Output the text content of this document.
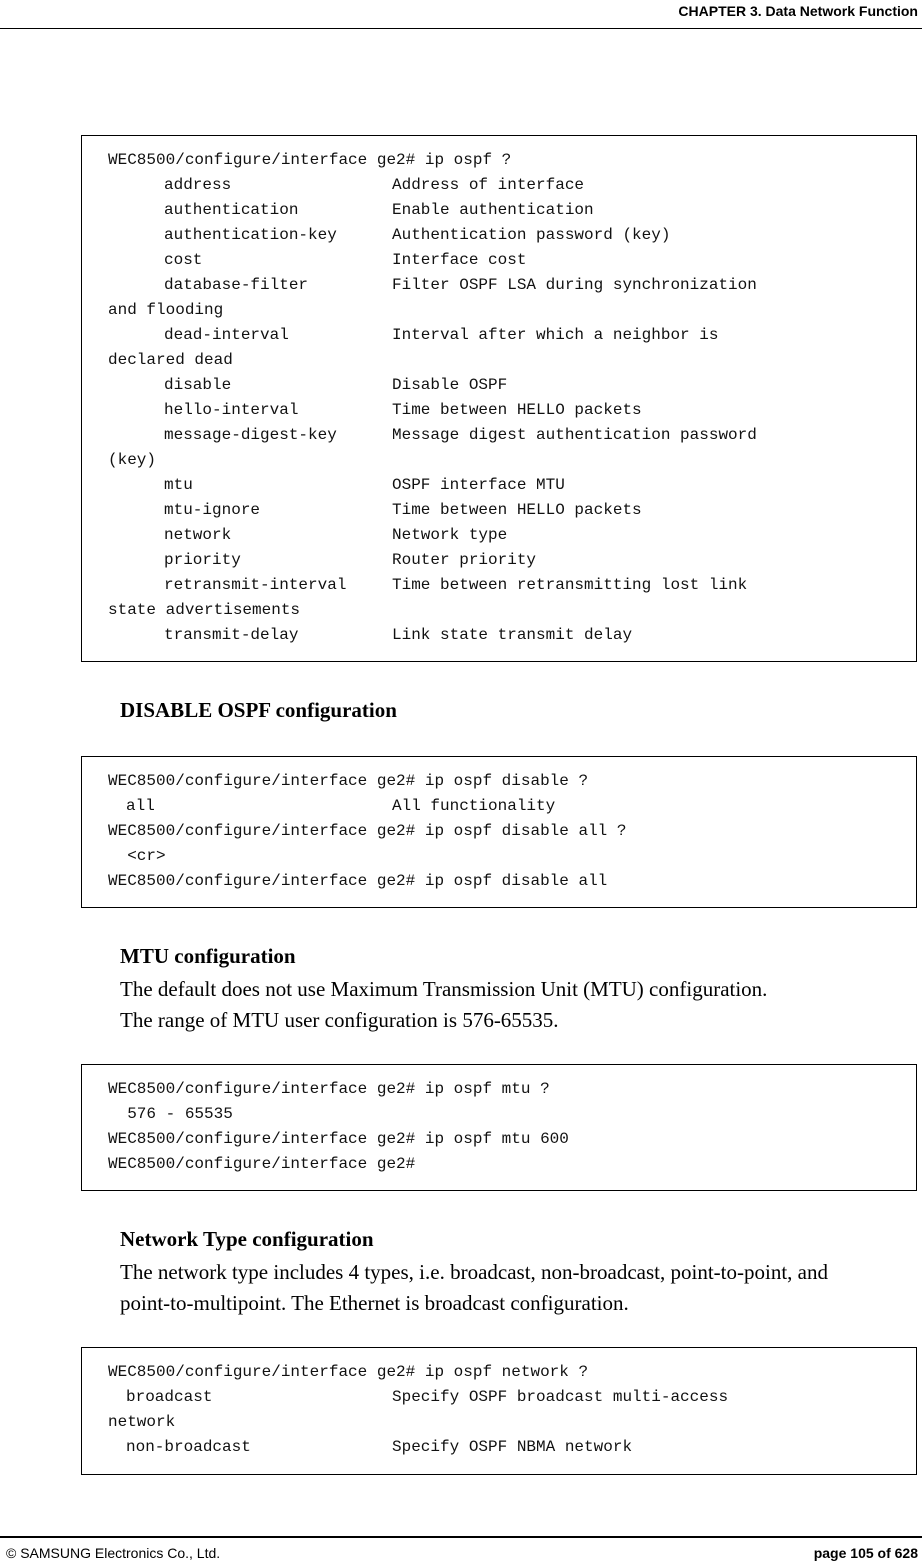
CHAPTER 3. Data Network Function
WEC8500/configure/interface ge2# ip ospf ?
address	Address of interface
authentication	Enable authentication
authentication-key	Authentication password (key)
cost	Interface cost
database-filter	Filter OSPF LSA during synchronization
and flooding
dead-interval	Interval after which a neighbor is
declared dead
disable	Disable OSPF
hello-interval	Time between HELLO packets
message-digest-key	Message digest authentication password
(key)
mtu	OSPF interface MTU
mtu-ignore	Time between HELLO packets
network	Network type
priority	Router priority
retransmit-interval	Time between retransmitting lost link
state advertisements
transmit-delay	Link state transmit delay
DISABLE OSPF configuration
WEC8500/configure/interface ge2# ip ospf disable ?
all	All functionality
WEC8500/configure/interface ge2# ip ospf disable all ?
<cr>
WEC8500/configure/interface ge2# ip ospf disable all
MTU configuration
The default does not use Maximum Transmission Unit (MTU) configuration.
The range of MTU user configuration is 576-65535.
WEC8500/configure/interface ge2# ip ospf mtu ?
576 - 65535
WEC8500/configure/interface ge2# ip ospf mtu 600
WEC8500/configure/interface ge2#
Network Type configuration
The network type includes 4 types, i.e. broadcast, non-broadcast, point-to-point, and
point-to-multipoint. The Ethernet is broadcast configuration.
WEC8500/configure/interface ge2# ip ospf network ?
broadcast	Specify OSPF broadcast multi-access
network
non-broadcast	Specify OSPF NBMA network
© SAMSUNG Electronics Co., Ltd.	page 105 of 628
